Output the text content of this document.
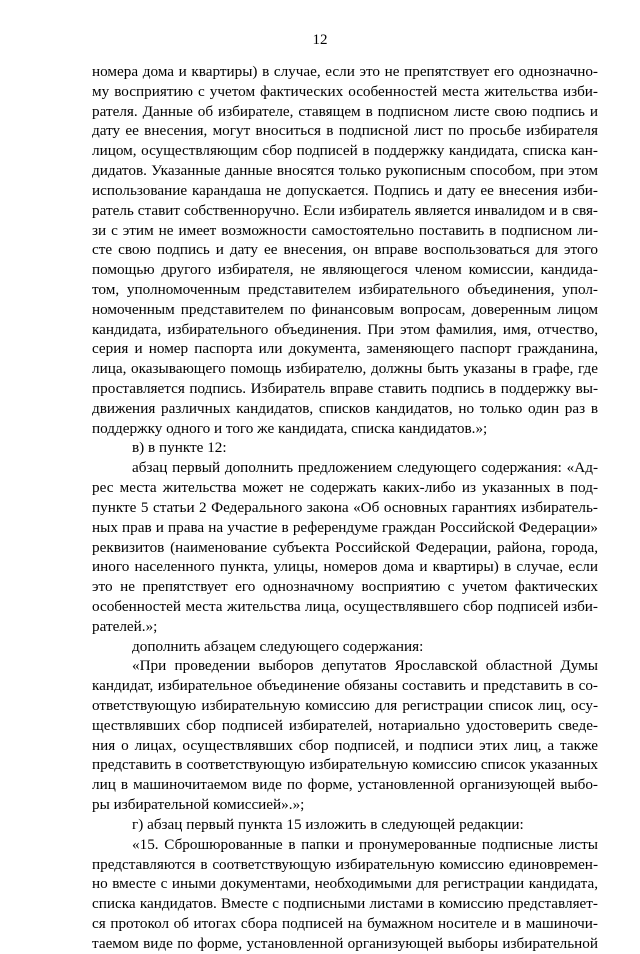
12
номера дома и квартиры) в случае, если это не препятствует его однозначно-
му восприятию с учетом фактических особенностей места жительства изби-
рателя. Данные об избирателе, ставящем в подписном листе свою подпись и
дату ее внесения, могут вноситься в подписной лист по просьбе избирателя
лицом, осуществляющим сбор подписей в поддержку кандидата, списка кан-
дидатов. Указанные данные вносятся только рукописным способом, при этом
использование карандаша не допускается. Подпись и дату ее внесения изби-
ратель ставит собственноручно. Если избиратель является инвалидом и в свя-
зи с этим не имеет возможности самостоятельно поставить в подписном ли-
сте свою подпись и дату ее внесения, он вправе воспользоваться для этого
помощью другого избирателя, не являющегося членом комиссии, кандида-
том, уполномоченным представителем избирательного объединения, упол-
номоченным представителем по финансовым вопросам, доверенным лицом
кандидата, избирательного объединения. При этом фамилия, имя, отчество,
серия и номер паспорта или документа, заменяющего паспорт гражданина,
лица, оказывающего помощь избирателю, должны быть указаны в графе, где
проставляется подпись. Избиратель вправе ставить подпись в поддержку вы-
движения различных кандидатов, списков кандидатов, но только один раз в
поддержку одного и того же кандидата, списка кандидатов.»;
в) в пункте 12:
абзац первый дополнить предложением следующего содержания: «Ад-
рес места жительства может не содержать каких-либо из указанных в под-
пункте 5 статьи 2 Федерального закона «Об основных гарантиях избиратель-
ных прав и права на участие в референдуме граждан Российской Федерации»
реквизитов (наименование субъекта Российской Федерации, района, города,
иного населенного пункта, улицы, номеров дома и квартиры) в случае, если
это не препятствует его однозначному восприятию с учетом фактических
особенностей места жительства лица, осуществлявшего сбор подписей изби-
рателей.»;
дополнить абзацем следующего содержания:
«При проведении выборов депутатов Ярославской областной Думы
кандидат, избирательное объединение обязаны составить и представить в со-
ответствующую избирательную комиссию для регистрации список лиц, осу-
ществлявших сбор подписей избирателей, нотариально удостоверить сведе-
ния о лицах, осуществлявших сбор подписей, и подписи этих лиц, а также
представить в соответствующую избирательную комиссию список указанных
лиц в машиночитаемом виде по форме, установленной организующей выбо-
ры избирательной комиссией».»;
г) абзац первый пункта 15 изложить в следующей редакции:
«15. Сброшюрованные в папки и пронумерованные подписные листы
представляются в соответствующую избирательную комиссию единовремен-
но вместе с иными документами, необходимыми для регистрации кандидата,
списка кандидатов. Вместе с подписными листами в комиссию представляет-
ся протокол об итогах сбора подписей на бумажном носителе и в машиночи-
таемом виде по форме, установленной организующей выборы избирательной
